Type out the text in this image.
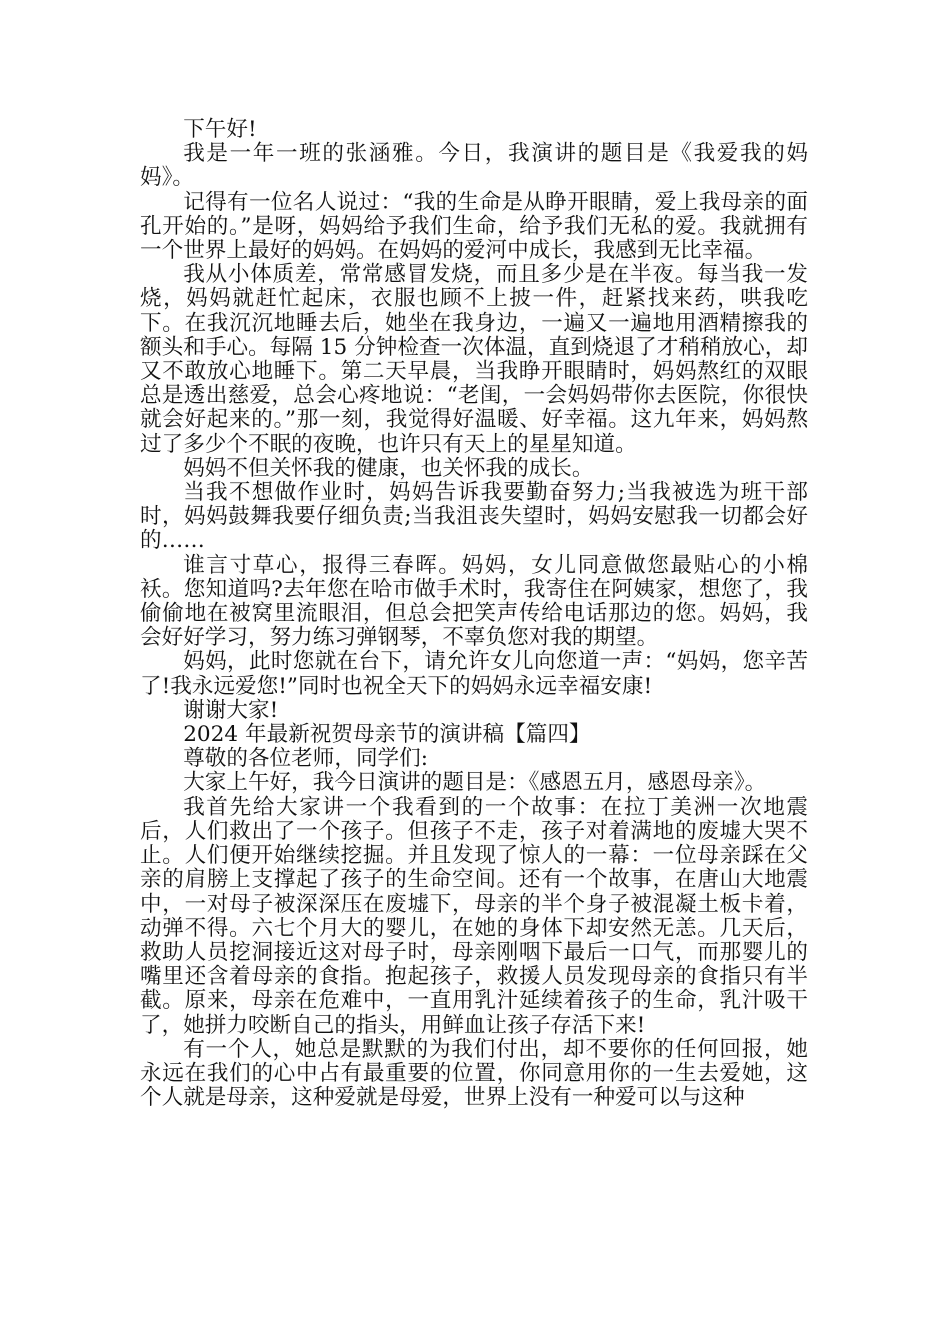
下午好!

我是一年一班的张涵雅。今日，我演讲的题目是《我爱我的妈妈》。

记得有一位名人说过：“我的生命是从睁开眼睛，爱上我母亲的面孔开始的。”是呀，妈妈给予我们生命，给予我们无私的爱。我就拥有一个世界上最好的妈妈。在妈妈的爱河中成长，我感到无比幸福。

我从小体质差，常常感冒发烧，而且多少是在半夜。每当我一发烧，妈妈就赶忙起床，衣服也顾不上披一件，赶紧找来药，哄我吃下。在我沉沉地睡去后，她坐在我身边，一遍又一遍地用酒精擦我的额头和手心。每隔 15 分钟检查一次体温，直到烧退了才稍稍放心，却又不敢放心地睡下。第二天早晨，当我睁开眼睛时，妈妈熬红的双眼总是透出慈爱，总会心疼地说：“老闺，一会妈妈带你去医院，你很快就会好起来的。”那一刻，我觉得好温暖、好幸福。这九年来，妈妈熬过了多少个不眠的夜晚，也许只有天上的星星知道。

妈妈不但关怀我的健康，也关怀我的成长。

当我不想做作业时，妈妈告诉我要勤奋努力;当我被选为班干部时，妈妈鼓舞我要仔细负责;当我沮丧失望时，妈妈安慰我一切都会好的……

谁言寸草心，报得三春晖。妈妈，女儿同意做您最贴心的小棉袄。您知道吗?去年您在哈市做手术时，我寄住在阿姨家，想您了，我偷偷地在被窝里流眼泪，但总会把笑声传给电话那边的您。妈妈，我会好好学习，努力练习弹钢琴，不辜负您对我的期望。

妈妈，此时您就在台下，请允许女儿向您道一声：“妈妈，您辛苦了!我永远爱您!”同时也祝全天下的妈妈永远幸福安康!

谢谢大家!

2024 年最新祝贺母亲节的演讲稿【篇四】

尊敬的各位老师，同学们:

大家上午好，我今日演讲的题目是：《感恩五月，感恩母亲》。

我首先给大家讲一个我看到的一个故事：在拉丁美洲一次地震后，人们救出了一个孩子。但孩子不走，孩子对着满地的废墟大哭不止。人们便开始继续挖掘。并且发现了惊人的一幕：一位母亲踩在父亲的肩膀上支撑起了孩子的生命空间。还有一个故事，在唐山大地震中，一对母子被深深压在废墟下，母亲的半个身子被混凝土板卡着，动弹不得。六七个月大的婴儿，在她的身体下却安然无恙。几天后，救助人员挖洞接近这对母子时，母亲刚咽下最后一口气，而那婴儿的嘴里还含着母亲的食指。抱起孩子，救援人员发现母亲的食指只有半截。原来，母亲在危难中，一直用乳汁延续着孩子的生命，乳汁吸干了，她拼力咬断自己的指头，用鲜血让孩子存活下来!

有一个人，她总是默默的为我们付出，却不要你的任何回报，她永远在我们的心中占有最重要的位置，你同意用你的一生去爱她，这个人就是母亲，这种爱就是母爱，世界上没有一种爱可以与这种
